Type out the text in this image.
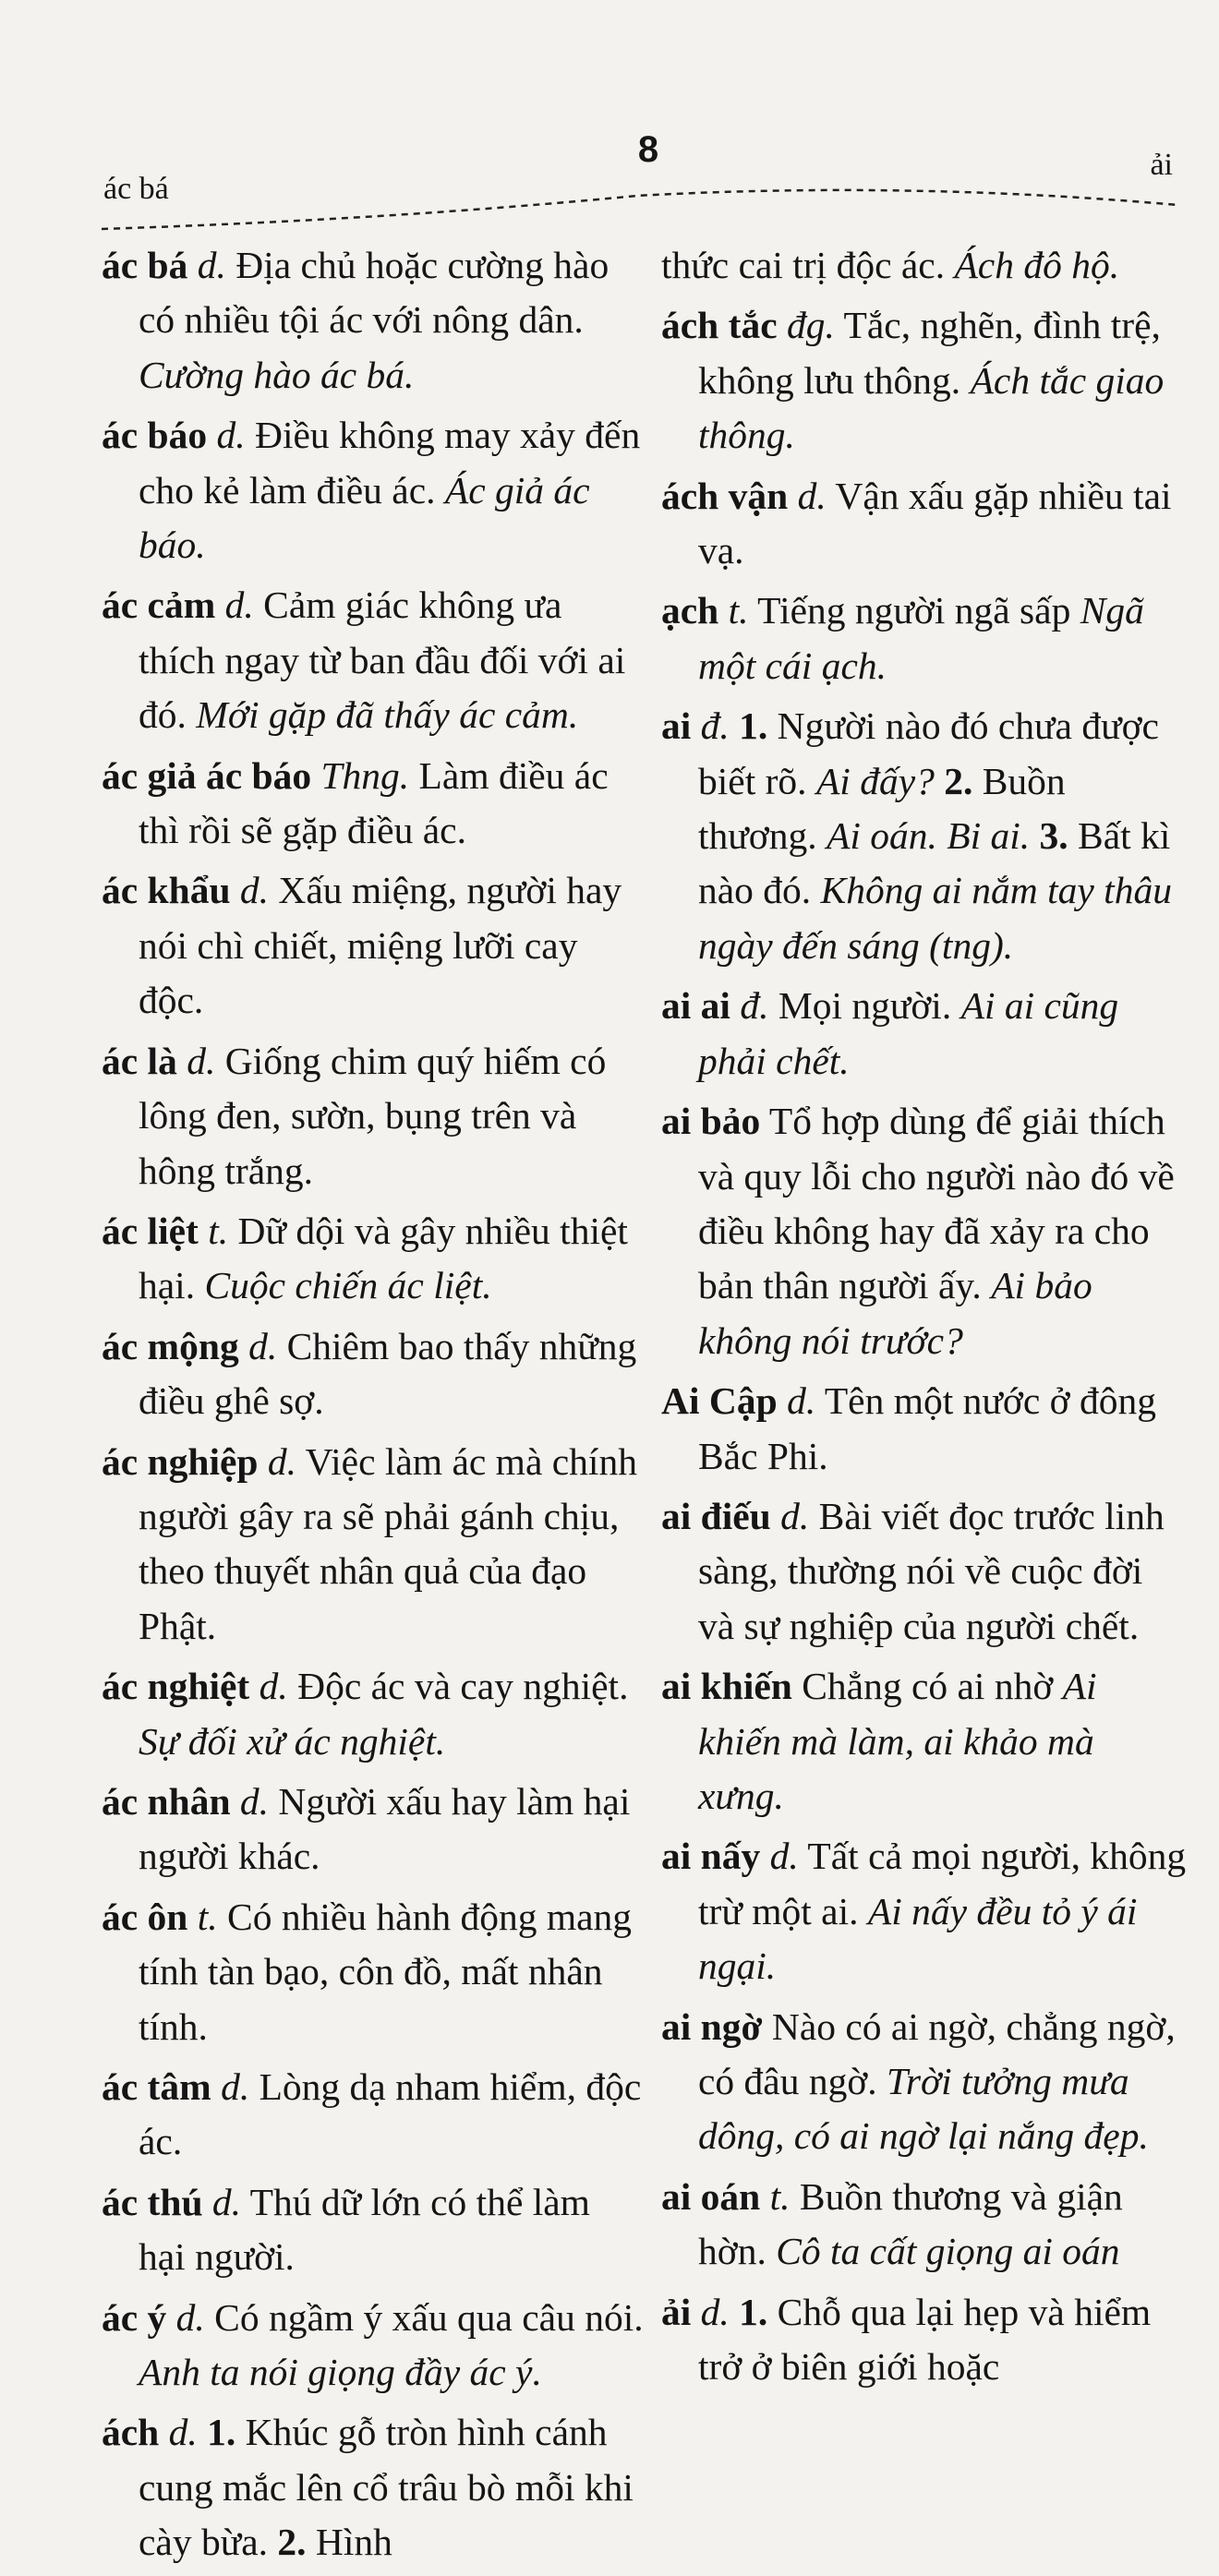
8
ác bá
ải

ác bá d. Địa chủ hoặc cường hào có nhiều tội ác với nông dân. Cường hào ác bá.

ác báo d. Điều không may xảy đến cho kẻ làm điều ác. Ác giả ác báo.

ác cảm d. Cảm giác không ưa thích ngay từ ban đầu đối với ai đó. Mới gặp đã thấy ác cảm.

ác giả ác báo Thng. Làm điều ác thì rồi sẽ gặp điều ác.

ác khẩu d. Xấu miệng, người hay nói chì chiết, miệng lưỡi cay độc.

ác là d. Giống chim quý hiếm có lông đen, sườn, bụng trên và hông trắng.

ác liệt t. Dữ dội và gây nhiều thiệt hại. Cuộc chiến ác liệt.

ác mộng d. Chiêm bao thấy những điều ghê sợ.

ác nghiệp d. Việc làm ác mà chính người gây ra sẽ phải gánh chịu, theo thuyết nhân quả của đạo Phật.

ác nghiệt d. Độc ác và cay nghiệt. Sự đối xử ác nghiệt.

ác nhân d. Người xấu hay làm hại người khác.

ác ôn t. Có nhiều hành động mang tính tàn bạo, côn đồ, mất nhân tính.

ác tâm d. Lòng dạ nham hiểm, độc ác.

ác thú d. Thú dữ lớn có thể làm hại người.

ác ý d. Có ngầm ý xấu qua câu nói. Anh ta nói giọng đầy ác ý.

ách d. 1. Khúc gỗ tròn hình cánh cung mắc lên cổ trâu bò mỗi khi cày bừa. 2. Hình

thức cai trị độc ác. Ách đô hộ.

ách tắc đg. Tắc, nghẽn, đình trệ, không lưu thông. Ách tắc giao thông.

ách vận d. Vận xấu gặp nhiều tai vạ.

ạch t. Tiếng người ngã sấp Ngã một cái ạch.

ai đ. 1. Người nào đó chưa được biết rõ. Ai đấy? 2. Buồn thương. Ai oán. Bi ai. 3. Bất kì nào đó. Không ai nắm tay thâu ngày đến sáng (tng).

ai ai đ. Mọi người. Ai ai cũng phải chết.

ai bảo Tổ hợp dùng để giải thích và quy lỗi cho người nào đó về điều không hay đã xảy ra cho bản thân người ấy. Ai bảo không nói trước?

Ai Cập d. Tên một nước ở đông Bắc Phi.

ai điếu d. Bài viết đọc trước linh sàng, thường nói về cuộc đời và sự nghiệp của người chết.

ai khiến Chẳng có ai nhờ Ai khiến mà làm, ai khảo mà xưng.

ai nấy d. Tất cả mọi người, không trừ một ai. Ai nấy đều tỏ ý ái ngại.

ai ngờ Nào có ai ngờ, chẳng ngờ, có đâu ngờ. Trời tưởng mưa dông, có ai ngờ lại nắng đẹp.

ai oán t. Buồn thương và giận hờn. Cô ta cất giọng ai oán

ải d. 1. Chỗ qua lại hẹp và hiểm trở ở biên giới hoặc
